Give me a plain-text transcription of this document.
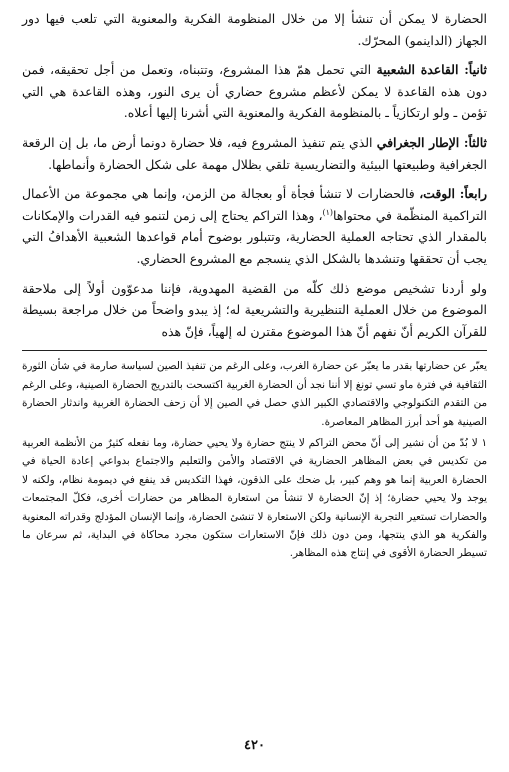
الحضارة لا يمكن أن تنشأ إلا من خلال المنظومة الفكرية والمعنوية التي تلعب فيها دور الجهاز (الداينمو) المحرّك.

ثانياً: القاعدة الشعبية التي تحمل همّ هذا المشروع، وتتبناه، وتعمل من أجل تحقيقه، فمن دون هذه القاعدة لا يمكن لأعظم مشروع حضاري أن يرى النور، وهذه القاعدة هي التي تؤمن ـ ولو ارتكازياً ـ بالمنظومة الفكرية والمعنوية التي أشرنا إليها أعلاه.

ثالثاً: الإطار الجغرافي الذي يتم تنفيذ المشروع فيه، فلا حضارة دونما أرض ما، بل إن الرقعة الجغرافية وطبيعتها البيئية والتضاريسية تلقي بظلال مهمة على شكل الحضارة وأنماطها.

رابعاً: الوقت، فالحضارات لا تنشأ فجأة أو بعجالة من الزمن، وإنما هي مجموعة من الأعمال التراكمية المنظّمة في محتواها$^{(١)}$، وهذا التراكم يحتاج إلى زمن لتنمو فيه القدرات والإمكانات بالمقدار الذي تحتاجه العملية الحضارية، وتتبلور بوضوح أمام قواعدها الشعبية الأهدافُ التي يجب أن تحققها وتنشدها بالشكل الذي ينسجم مع المشروع الحضاري.

ولو أردنا تشخيص موضع ذلك كلّه من القضية المهدوية، فإننا مدعوّون أولاً إلى ملاحقة الموضوع من خلال العملية التنظيرية والتشريعية له؛ إذ يبدو واضحاً من خلال مراجعة بسيطة للقرآن الكريم أنّ نفهم أنّ هذا الموضوع مقترن له إلهياً، فإنّ هذه

يعبّر عن حضارتها بقدر ما يعبّر عن حضارة الغرب، وعلى الرغم من تنفيذ الصين لسياسة صارمة في شأن الثورة الثقافية في فترة ماو تسي تونغ إلا أننا نجد أن الحضارة الغربية اكتسحت بالتدريج الحضارة الصينية، وعلى الرغم من التقدم التكنولوجي والاقتصادي الكبير الذي حصل في الصين إلا أن زحف الحضارة الغربية واندثار الحضارة الصينية هو أحد أبرز المظاهر المعاصرة.

١ لا بُدّ من أن نشير إلى أنّ محض التراكم لا ينتج حضارة ولا يحيي حضارة، وما نفعله كثيرٌ من الأنظمة العربية من تكديس في بعض المظاهر الحضارية في الاقتصاد والأمن والتعليم والاجتماع بدواعي إعادة الحياة في الحضارة العربية إنما هو وهم كبير، بل ضحك على الذقون، فهذا التكديس قد ينفع في ديمومة نظام، ولكنه لا يوجد ولا يحيي حضارة؛ إذ إنّ الحضارة لا تنشأ من استعارة المظاهر من حضارات أخرى، فكلّ المجتمعات والحضارات تستعير التجربة الإنسانية ولكن الاستعارة لا تنشئ الحضارة، وإنما الإنسان المؤدلج وقدراته المعنوية والفكرية هو الذي ينتجها، ومن دون ذلك فإنّ الاستعارات ستكون مجرد محاكاة في البداية، ثم سرعان ما تسيطر الحضارة الأقوى في إنتاج هذه المظاهر.

٤٢٠
